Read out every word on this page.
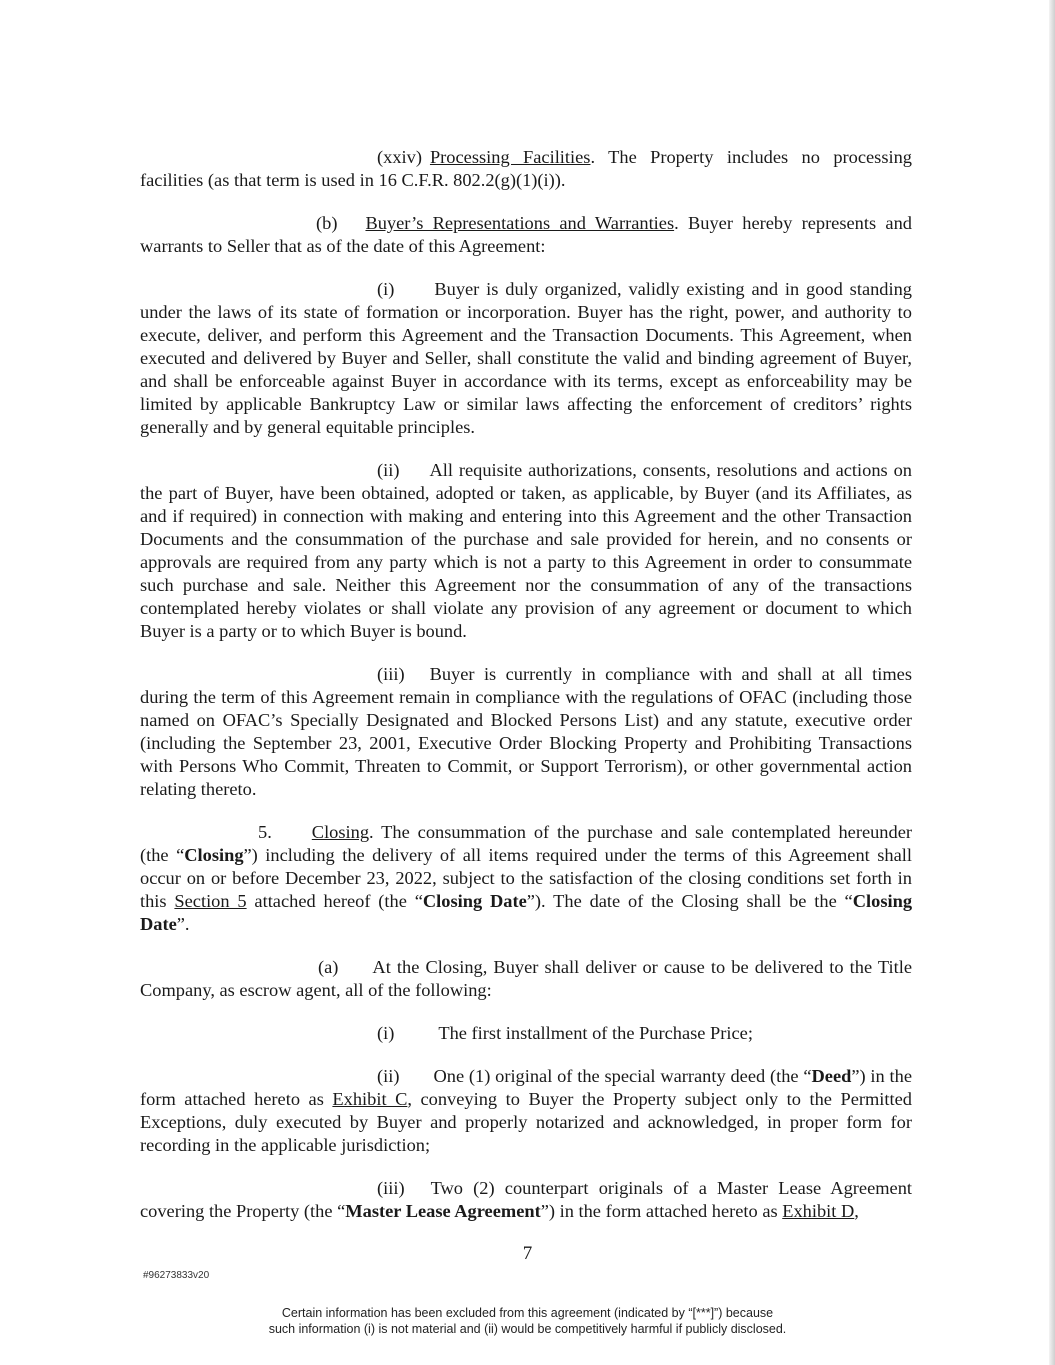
(xxiv) Processing Facilities. The Property includes no processing facilities (as that term is used in 16 C.F.R. 802.2(g)(1)(i)).

(b) Buyer’s Representations and Warranties. Buyer hereby represents and warrants to Seller that as of the date of this Agreement:

(i) Buyer is duly organized, validly existing and in good standing under the laws of its state of formation or incorporation. Buyer has the right, power, and authority to execute, deliver, and perform this Agreement and the Transaction Documents. This Agreement, when executed and delivered by Buyer and Seller, shall constitute the valid and binding agreement of Buyer, and shall be enforceable against Buyer in accordance with its terms, except as enforceability may be limited by applicable Bankruptcy Law or similar laws affecting the enforcement of creditors’ rights generally and by general equitable principles.

(ii) All requisite authorizations, consents, resolutions and actions on the part of Buyer, have been obtained, adopted or taken, as applicable, by Buyer (and its Affiliates, as and if required) in connection with making and entering into this Agreement and the other Transaction Documents and the consummation of the purchase and sale provided for herein, and no consents or approvals are required from any party which is not a party to this Agreement in order to consummate such purchase and sale. Neither this Agreement nor the consummation of any of the transactions contemplated hereby violates or shall violate any provision of any agreement or document to which Buyer is a party or to which Buyer is bound.

(iii) Buyer is currently in compliance with and shall at all times during the term of this Agreement remain in compliance with the regulations of OFAC (including those named on OFAC’s Specially Designated and Blocked Persons List) and any statute, executive order (including the September 23, 2001, Executive Order Blocking Property and Prohibiting Transactions with Persons Who Commit, Threaten to Commit, or Support Terrorism), or other governmental action relating thereto.

5. Closing. The consummation of the purchase and sale contemplated hereunder (the “Closing”) including the delivery of all items required under the terms of this Agreement shall occur on or before December 23, 2022, subject to the satisfaction of the closing conditions set forth in this Section 5 attached hereof (the “Closing Date”). The date of the Closing shall be the “Closing Date”.

(a) At the Closing, Buyer shall deliver or cause to be delivered to the Title Company, as escrow agent, all of the following:

(i) The first installment of the Purchase Price;

(ii) One (1) original of the special warranty deed (the “Deed”) in the form attached hereto as Exhibit C, conveying to Buyer the Property subject only to the Permitted Exceptions, duly executed by Buyer and properly notarized and acknowledged, in proper form for recording in the applicable jurisdiction;

(iii) Two (2) counterpart originals of a Master Lease Agreement covering the Property (the “Master Lease Agreement”) in the form attached hereto as Exhibit D,

7
#96273833v20
Certain information has been excluded from this agreement (indicated by “[***]”) because
such information (i) is not material and (ii) would be competitively harmful if publicly disclosed.
